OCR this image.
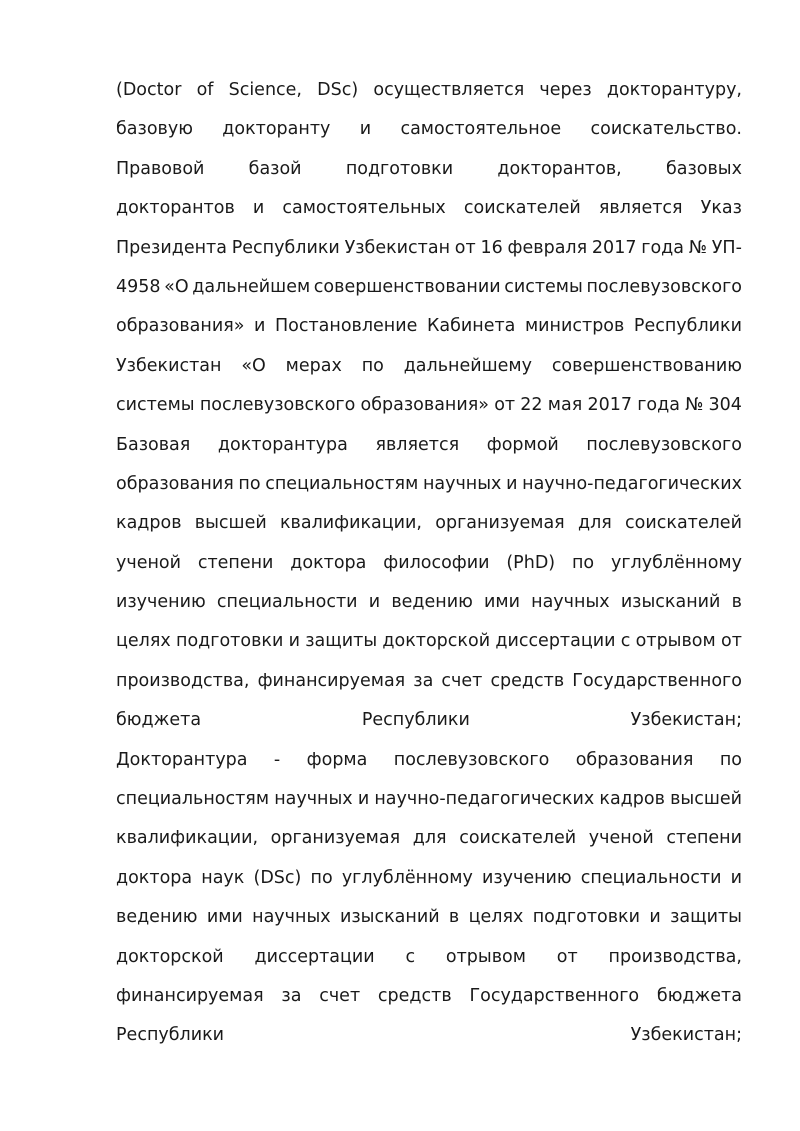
(Doctor of Science, DSc) осуществляется через докторантуру,
базовую докторанту и самостоятельное соискательство.
Правовой	базой	подготовки	докторантов,	базовых
докторантов и самостоятельных соискателей является Указ
Президента Республики Узбекистан от 16 февраля 2017 года № УП-
4958 «О дальнейшем совершенствовании системы послевузовского
образования» и Постановление Кабинета министров Республики
Узбекистан «О мерах по дальнейшему совершенствованию
системы послевузовского образования» от 22 мая 2017 года № 304
Базовая докторантура является формой послевузовского
образования по специальностям научных и научно-педагогических
кадров высшей квалификации, организуемая для соискателей
ученой степени доктора философии (PhD) по углублённому
изучению специальности и ведению ими научных изысканий в
целях подготовки и защиты докторской диссертации с отрывом от
производства, финансируемая за счет средств Государственного
бюджета	Республики	Узбекистан;
Докторантура - форма послевузовского образования по
специальностям научных и научно-педагогических кадров высшей
квалификации, организуемая для соискателей ученой степени
доктора наук (DSc) по углублённому изучению специальности и
ведению ими научных изысканий в целях подготовки и защиты
докторской диссертации с отрывом от производства,
финансируемая за счет средств Государственного бюджета
Республики	Узбекистан;
